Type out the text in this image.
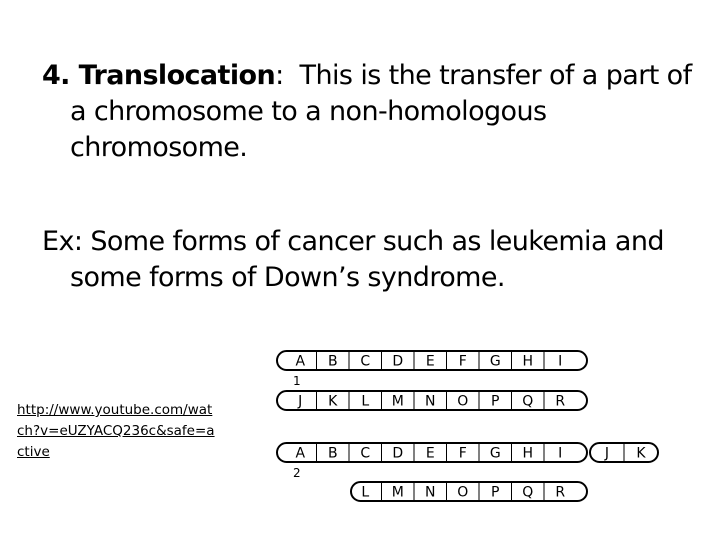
4. Translocation:  This is the transfer of a part of
a chromosome to a non-homologous
chromosome.
Ex: Some forms of cancer such as leukemia and
some forms of Down’s syndrome.
http://www.youtube.com/watch?v=eUZYACQ236c&safe=active
A B C D E F G H I
1
J K L M N O P Q R
A B C D E F G H I	J K
2
L M N O P Q R
